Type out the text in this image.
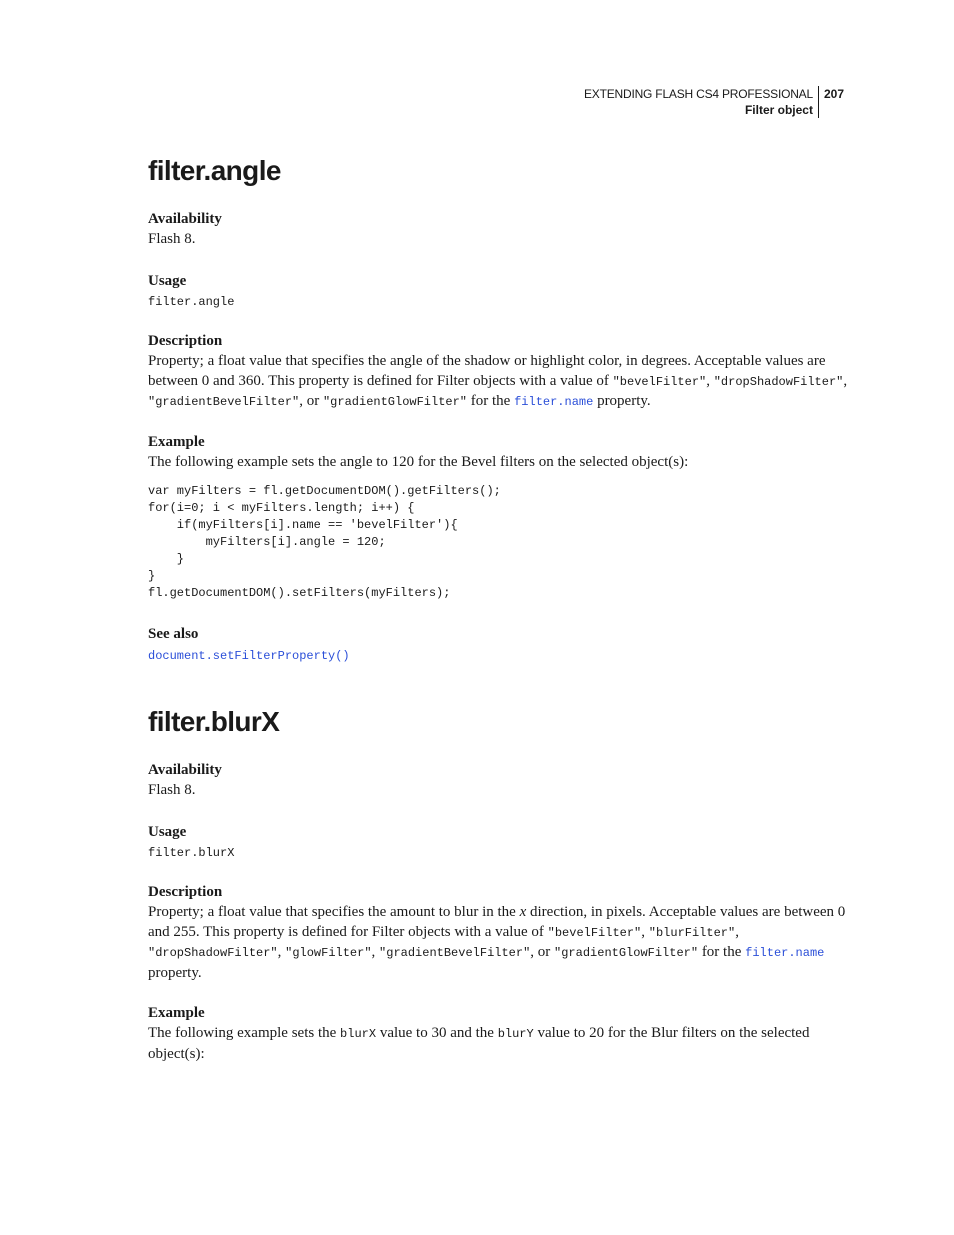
EXTENDING FLASH CS4 PROFESSIONAL
Filter object
207
filter.angle
Availability
Flash 8.
Usage
filter.angle
Description
Property; a float value that specifies the angle of the shadow or highlight color, in degrees. Acceptable values are
between 0 and 360. This property is defined for Filter objects with a value of "bevelFilter", "dropShadowFilter",
"gradientBevelFilter", or "gradientGlowFilter" for the filter.name property.
Example
The following example sets the angle to 120 for the Bevel filters on the selected object(s):
var myFilters = fl.getDocumentDOM().getFilters();
for(i=0; i < myFilters.length; i++) {
if(myFilters[i].name == 'bevelFilter'){
myFilters[i].angle = 120;
}
}
fl.getDocumentDOM().setFilters(myFilters);
See also
document.setFilterProperty()
filter.blurX
Availability
Flash 8.
Usage
filter.blurX
Description
Property; a float value that specifies the amount to blur in the x direction, in pixels. Acceptable values are between 0
and 255. This property is defined for Filter objects with a value of "bevelFilter", "blurFilter",
"dropShadowFilter", "glowFilter", "gradientBevelFilter", or "gradientGlowFilter" for the filter.name
property.
Example
The following example sets the blurX value to 30 and the blurY value to 20 for the Blur filters on the selected object(s):
